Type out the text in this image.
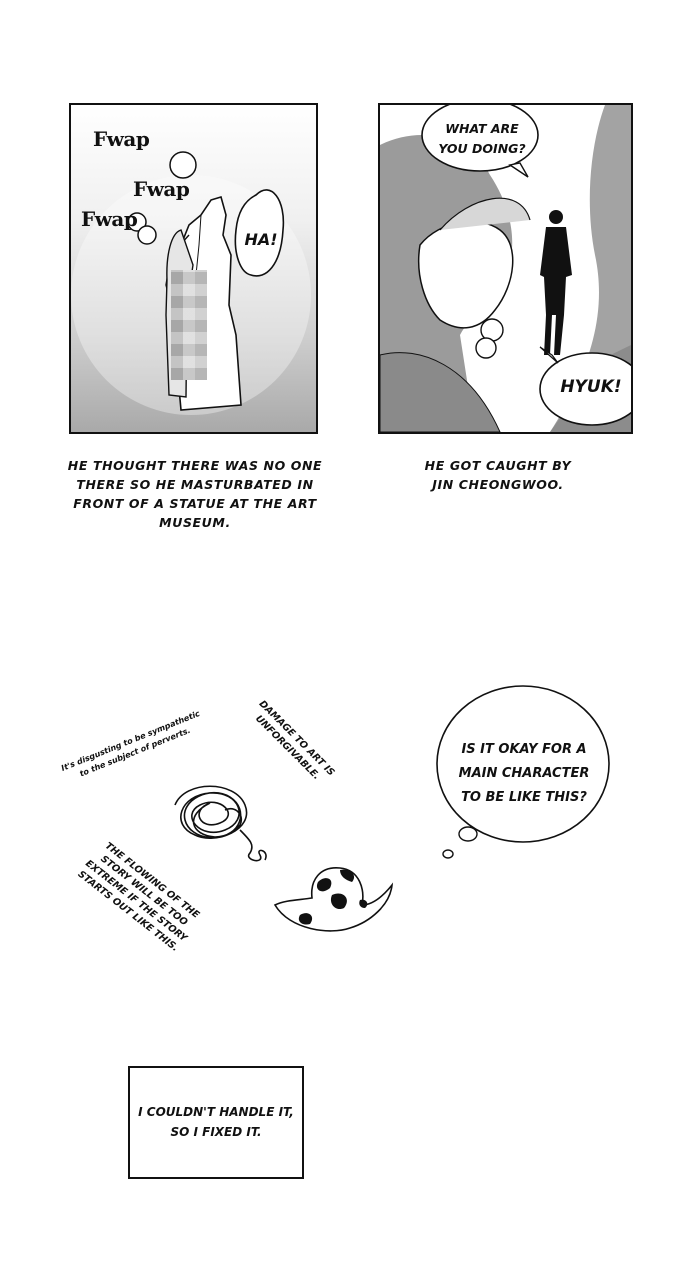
Fwap
Fwap
Fwap
HA!
HE THOUGHT THERE WAS NO ONE THERE SO HE MASTURBATED IN FRONT OF A STATUE AT THE ART MUSEUM.
WHAT ARE YOU DOING?
HYUK!
HE GOT CAUGHT BY JIN CHEONGWOO.
It's disgusting to be sympathetic to the subject of perverts.	DAMAGE TO ART IS UNFORGIVABLE.
THE FLOWING OF THE STORY WILL BE TOO EXTREME IF THE STORY STARTS OUT LIKE THIS.
IS IT OKAY FOR A MAIN CHARACTER TO BE LIKE THIS?
I COULDN'T HANDLE IT, SO I FIXED IT.
